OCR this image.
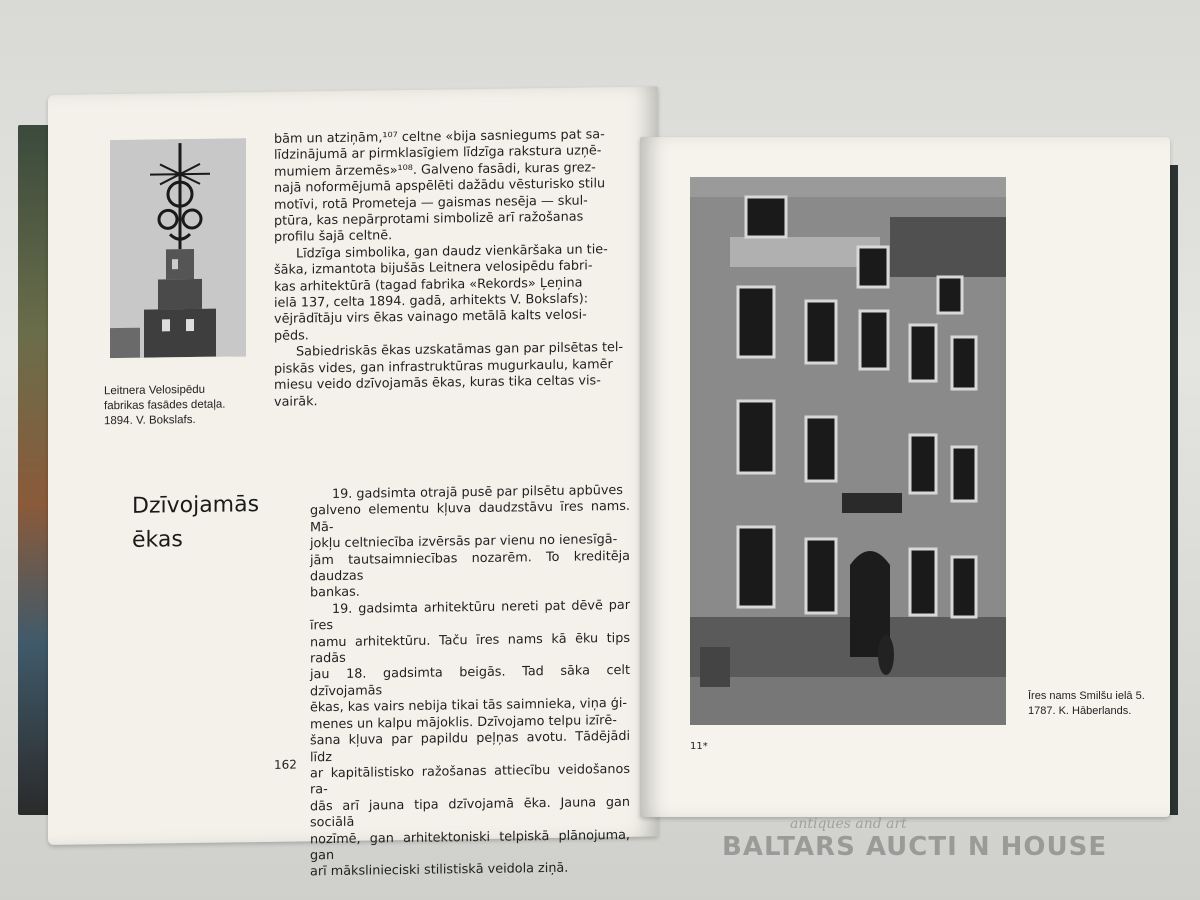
Leitnera Velosipēdu
fabrikas fasādes detaļa.
1894. V. Bokslafs.
bām un atziņām,¹⁰⁷ celtne «bija sasniegums pat sa-
līdzinājumā ar pirmklasīgiem līdzīga rakstura uzņē-
mumiem ārzemēs»¹⁰⁸. Galveno fasādi, kuras grez-
najā noformējumā apspēlēti dažādu vēsturisko stilu
motīvi, rotā Prometeja — gaismas nesēja — skul-
ptūra, kas nepārprotami simbolizē arī ražošanas
profilu šajā celtnē.
Līdzīga simbolika, gan daudz vienkāršaka un tie-
šāka, izmantota bijušās Leitnera velosipēdu fabri-
kas arhitektūrā (tagad fabrika «Rekords» Ļeņina
ielā 137, celta 1894. gadā, arhitekts V. Bokslafs):
vējrādītāju virs ēkas vainago metālā kalts velosi-
pēds.
Sabiedriskās ēkas uzskatāmas gan par pilsētas tel-
piskās vides, gan infrastruktūras mugurkaulu, kamēr
miesu veido dzīvojamās ēkas, kuras tika celtas vis-
vairāk.
Dzīvojamās
ēkas
19. gadsimta otrajā pusē par pilsētu apbūves
galveno elementu kļuva daudzstāvu īres nams. Mā-
jokļu celtniecība izvērsās par vienu no ienesīgā-
jām tautsaimniecības nozarēm. To kreditēja daudzas
bankas.
19. gadsimta arhitektūru nereti pat dēvē par īres
namu arhitektūru. Taču īres nams kā ēku tips radās
jau 18. gadsimta beigās. Tad sāka celt dzīvojamās
ēkas, kas vairs nebija tikai tās saimnieka, viņa ģi-
menes un kalpu mājoklis. Dzīvojamo telpu izīrē-
šana kļuva par papildu peļņas avotu. Tādējādi līdz
ar kapitālistisko ražošanas attiecību veidošanos ra-
dās arī jauna tipa dzīvojamā ēka. Jauna gan sociālā
nozīmē, gan arhitektoniski telpiskā plānojuma, gan
arī mākslinieciski stilistiskā veidola ziņā.
162
Īres nams Smilšu ielā 5.
1787. K. Hāberlands.
11*
antiques and art
BALTARS AUCTI N HOUSE
